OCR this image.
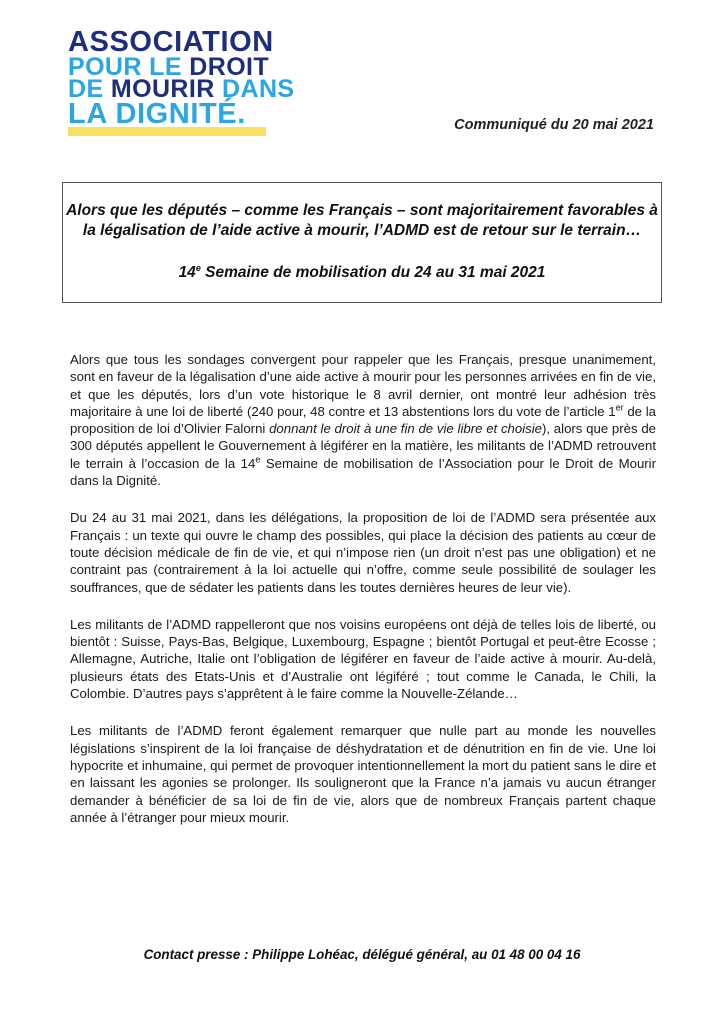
ASSOCIATION
POUR LE DROIT
DE MOURIR DANS
LA DIGNITÉ.	Communiqué du 20 mai 2021
Alors que les députés – comme les Français – sont majoritairement favorables à
la légalisation de l’aide active à mourir, l’ADMD est de retour sur le terrain…
14e Semaine de mobilisation du 24 au 31 mai 2021

Alors que tous les sondages convergent pour rappeler que les Français, presque unanimement, sont en faveur de la légalisation d’une aide active à mourir pour les personnes arrivées en fin de vie, et que les députés, lors d’un vote historique le 8 avril dernier, ont montré leur adhésion très majoritaire à une loi de liberté (240 pour, 48 contre et 13 abstentions lors du vote de l’article 1er de la proposition de loi d’Olivier Falorni donnant le droit à une fin de vie libre et choisie), alors que près de 300 députés appellent le Gouvernement à légiférer en la matière, les militants de l’ADMD retrouvent le terrain à l’occasion de la 14e Semaine de mobilisation de l’Association pour le Droit de Mourir dans la Dignité.

Du 24 au 31 mai 2021, dans les délégations, la proposition de loi de l’ADMD sera présentée aux Français : un texte qui ouvre le champ des possibles, qui place la décision des patients au cœur de toute décision médicale de fin de vie, et qui n’impose rien (un droit n’est pas une obligation) et ne contraint pas (contrairement à la loi actuelle qui n’offre, comme seule possibilité de soulager les souffrances, que de sédater les patients dans les toutes dernières heures de leur vie).

Les militants de l’ADMD rappelleront que nos voisins européens ont déjà de telles lois de liberté, ou bientôt : Suisse, Pays-Bas, Belgique, Luxembourg, Espagne ; bientôt Portugal et peut-être Ecosse ; Allemagne, Autriche, Italie ont l’obligation de légiférer en faveur de l’aide active à mourir. Au-delà, plusieurs états des Etats-Unis et d’Australie ont légiféré ; tout comme le Canada, le Chili, la Colombie. D’autres pays s’apprêtent à le faire comme la Nouvelle-Zélande…

Les militants de l’ADMD feront également remarquer que nulle part au monde les nouvelles législations s’inspirent de la loi française de déshydratation et de dénutrition en fin de vie. Une loi hypocrite et inhumaine, qui permet de provoquer intentionnellement la mort du patient sans le dire et en laissant les agonies se prolonger. Ils souligneront que la France n’a jamais vu aucun étranger demander à bénéficier de sa loi de fin de vie, alors que de nombreux Français partent chaque année à l’étranger pour mieux mourir.

Contact presse : Philippe Lohéac, délégué général, au 01 48 00 04 16
